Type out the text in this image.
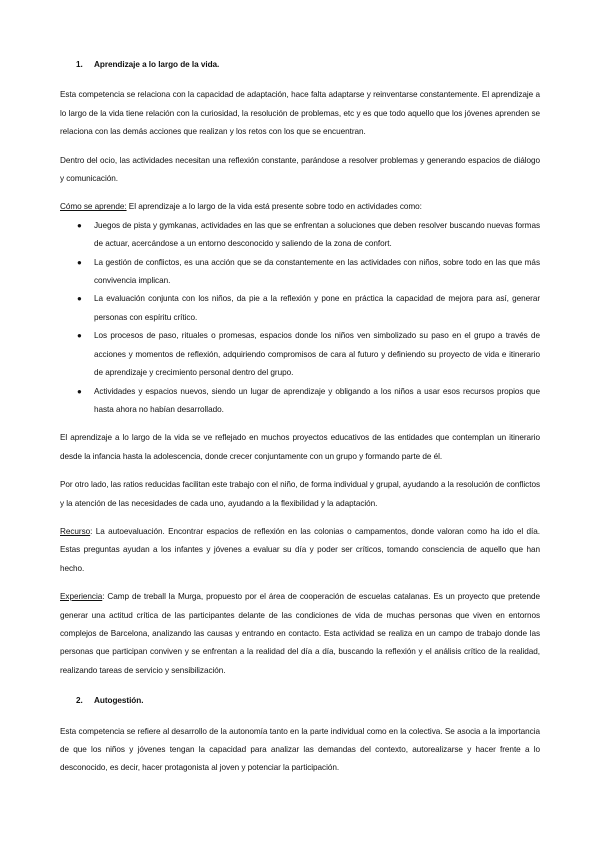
1. Aprendizaje a lo largo de la vida.

Esta competencia se relaciona con la capacidad de adaptación, hace falta adaptarse y reinventarse constantemente. El aprendizaje a lo largo de la vida tiene relación con la curiosidad, la resolución de problemas, etc y es que todo aquello que los jóvenes aprenden se relaciona con las demás acciones que realizan y los retos con los que se encuentran.

Dentro del ocio, las actividades necesitan una reflexión constante, parándose a resolver problemas y generando espacios de diálogo y comunicación.

Cómo se aprende: El aprendizaje a lo largo de la vida está presente sobre todo en actividades como:

● Juegos de pista y gymkanas, actividades en las que se enfrentan a soluciones que deben resolver buscando nuevas formas de actuar, acercándose a un entorno desconocido y saliendo de la zona de confort.
● La gestión de conflictos, es una acción que se da constantemente en las actividades con niños, sobre todo en las que más convivencia implican.
● La evaluación conjunta con los niños, da pie a la reflexión y pone en práctica la capacidad de mejora para así, generar personas con espíritu crítico.
● Los procesos de paso, rituales o promesas, espacios donde los niños ven simbolizado su paso en el grupo a través de acciones y momentos de reflexión, adquiriendo compromisos de cara al futuro y definiendo su proyecto de vida e itinerario de aprendizaje y crecimiento personal dentro del grupo.
● Actividades y espacios nuevos, siendo un lugar de aprendizaje y obligando a los niños a usar esos recursos propios que hasta ahora no habían desarrollado.

El aprendizaje a lo largo de la vida se ve reflejado en muchos proyectos educativos de las entidades que contemplan un itinerario desde la infancia hasta la adolescencia, donde crecer conjuntamente con un grupo y formando parte de él.

Por otro lado, las ratios reducidas facilitan este trabajo con el niño, de forma individual y grupal, ayudando a la resolución de conflictos y la atención de las necesidades de cada uno, ayudando a la flexibilidad y la adaptación.

Recurso: La autoevaluación. Encontrar espacios de reflexión en las colonias o campamentos, donde valoran como ha ido el día. Estas preguntas ayudan a los infantes y jóvenes a evaluar su día y poder ser críticos, tomando consciencia de aquello que han hecho.

Experiencia: Camp de treball la Murga, propuesto por el área de cooperación de escuelas catalanas. Es un proyecto que pretende generar una actitud crítica de las participantes delante de las condiciones de vida de muchas personas que viven en entornos complejos de Barcelona, analizando las causas y entrando en contacto. Esta actividad se realiza en un campo de trabajo donde las personas que participan conviven y se enfrentan a la realidad del día a día, buscando la reflexión y el análisis crítico de la realidad, realizando tareas de servicio y sensibilización.

2. Autogestión.

Esta competencia se refiere al desarrollo de la autonomía tanto en la parte individual como en la colectiva. Se asocia a la importancia de que los niños y jóvenes tengan la capacidad para analizar las demandas del contexto, autorealizarse y hacer frente a lo desconocido, es decir, hacer protagonista al joven y potenciar la participación.
